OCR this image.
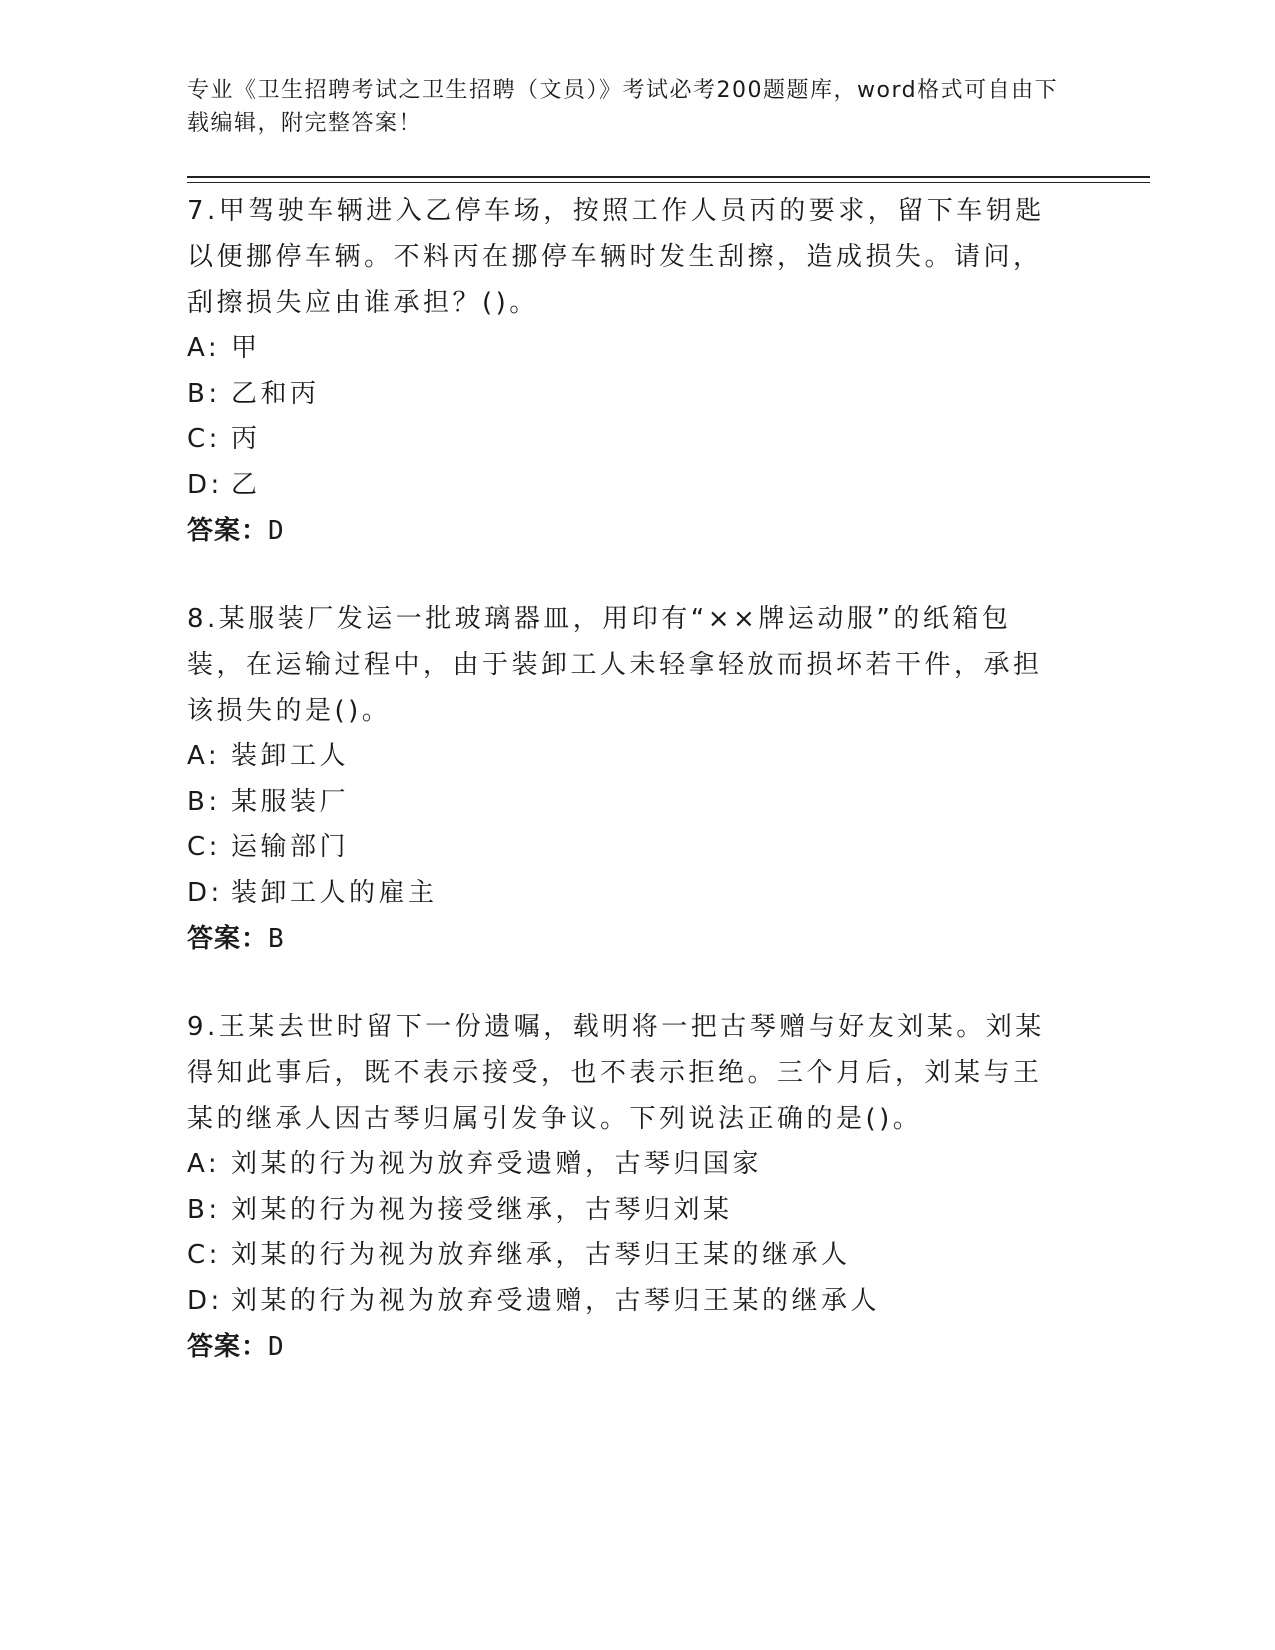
专业《卫生招聘考试之卫生招聘（文员）》考试必考200题题库，word格式可自由下载编辑，附完整答案！

7.甲驾驶车辆进入乙停车场，按照工作人员丙的要求，留下车钥匙以便挪停车辆。不料丙在挪停车辆时发生刮擦，造成损失。请问，刮擦损失应由谁承担？()。

A: 甲
B: 乙和丙
C: 丙
D: 乙
答案：D

8.某服装厂发运一批玻璃器皿，用印有“××牌运动服”的纸箱包装，在运输过程中，由于装卸工人未轻拿轻放而损坏若干件，承担该损失的是()。

A: 装卸工人
B: 某服装厂
C: 运输部门
D: 装卸工人的雇主
答案：B

9.王某去世时留下一份遗嘱，载明将一把古琴赠与好友刘某。刘某得知此事后，既不表示接受，也不表示拒绝。三个月后，刘某与王某的继承人因古琴归属引发争议。下列说法正确的是()。

A: 刘某的行为视为放弃受遗赠，古琴归国家
B: 刘某的行为视为接受继承，古琴归刘某
C: 刘某的行为视为放弃继承，古琴归王某的继承人
D: 刘某的行为视为放弃受遗赠，古琴归王某的继承人
答案：D
